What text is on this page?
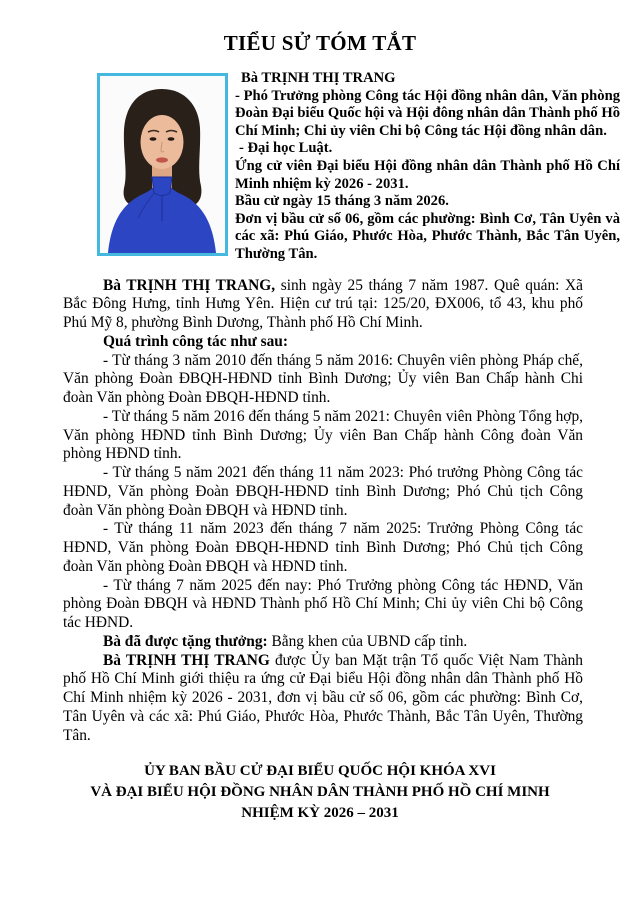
TIỂU SỬ TÓM TẮT

Bà TRỊNH THỊ TRANG

- Phó Trưởng phòng Công tác Hội đồng nhân dân, Văn phòng Đoàn Đại biểu Quốc hội và Hội đông nhân dân Thành phố Hồ Chí Minh; Chi ủy viên Chi bộ Công tác Hội đồng nhân dân.

- Đại học Luật.

Ứng cử viên Đại biểu Hội đồng nhân dân Thành phố Hồ Chí Minh nhiệm kỳ 2026 - 2031.

Bầu cử ngày 15 tháng 3 năm 2026.

Đơn vị bầu cử số 06, gồm các phường: Bình Cơ, Tân Uyên và các xã: Phú Giáo, Phước Hòa, Phước Thành, Bắc Tân Uyên, Thường Tân.

Bà TRỊNH THỊ TRANG, sinh ngày 25 tháng 7 năm 1987. Quê quán: Xã Bắc Đông Hưng, tỉnh Hưng Yên. Hiện cư trú tại: 125/20, ĐX006, tổ 43, khu phố Phú Mỹ 8, phường Bình Dương, Thành phố Hồ Chí Minh.

Quá trình công tác như sau:

- Từ tháng 3 năm 2010 đến tháng 5 năm 2016: Chuyên viên phòng Pháp chế, Văn phòng Đoàn ĐBQH-HĐND tỉnh Bình Dương; Ủy viên Ban Chấp hành Chi đoàn Văn phòng Đoàn ĐBQH-HĐND tỉnh.

- Từ tháng 5 năm 2016 đến tháng 5 năm 2021: Chuyên viên Phòng Tổng hợp, Văn phòng HĐND tỉnh Bình Dương; Ủy viên Ban Chấp hành Công đoàn Văn phòng HĐND tỉnh.

- Từ tháng 5 năm 2021 đến tháng 11 năm 2023: Phó trưởng Phòng Công tác HĐND, Văn phòng Đoàn ĐBQH-HĐND tỉnh Bình Dương; Phó Chủ tịch Công đoàn Văn phòng Đoàn ĐBQH và HĐND tỉnh.

- Từ tháng 11 năm 2023 đến tháng 7 năm 2025: Trưởng Phòng Công tác HĐND, Văn phòng Đoàn ĐBQH-HĐND tỉnh Bình Dương; Phó Chủ tịch Công đoàn Văn phòng Đoàn ĐBQH và HĐND tỉnh.

- Từ tháng 7 năm 2025 đến nay: Phó Trưởng phòng Công tác HĐND, Văn phòng Đoàn ĐBQH và HĐND Thành phố Hồ Chí Minh; Chi ủy viên Chi bộ Công tác HĐND.

Bà đã được tặng thưởng: Bằng khen của UBND cấp tỉnh.

Bà TRỊNH THỊ TRANG được Ủy ban Mặt trận Tổ quốc Việt Nam Thành phố Hồ Chí Minh giới thiệu ra ứng cử Đại biểu Hội đồng nhân dân Thành phố Hồ Chí Minh nhiệm kỳ 2026 - 2031, đơn vị bầu cử số 06, gồm các phường: Bình Cơ, Tân Uyên và các xã: Phú Giáo, Phước Hòa, Phước Thành, Bắc Tân Uyên, Thường Tân.

ỦY BAN BẦU CỬ ĐẠI BIỂU QUỐC HỘI KHÓA XVI

VÀ ĐẠI BIỂU HỘI ĐỒNG NHÂN DÂN THÀNH PHỐ HỒ CHÍ MINH

NHIỆM KỲ 2026 – 2031
